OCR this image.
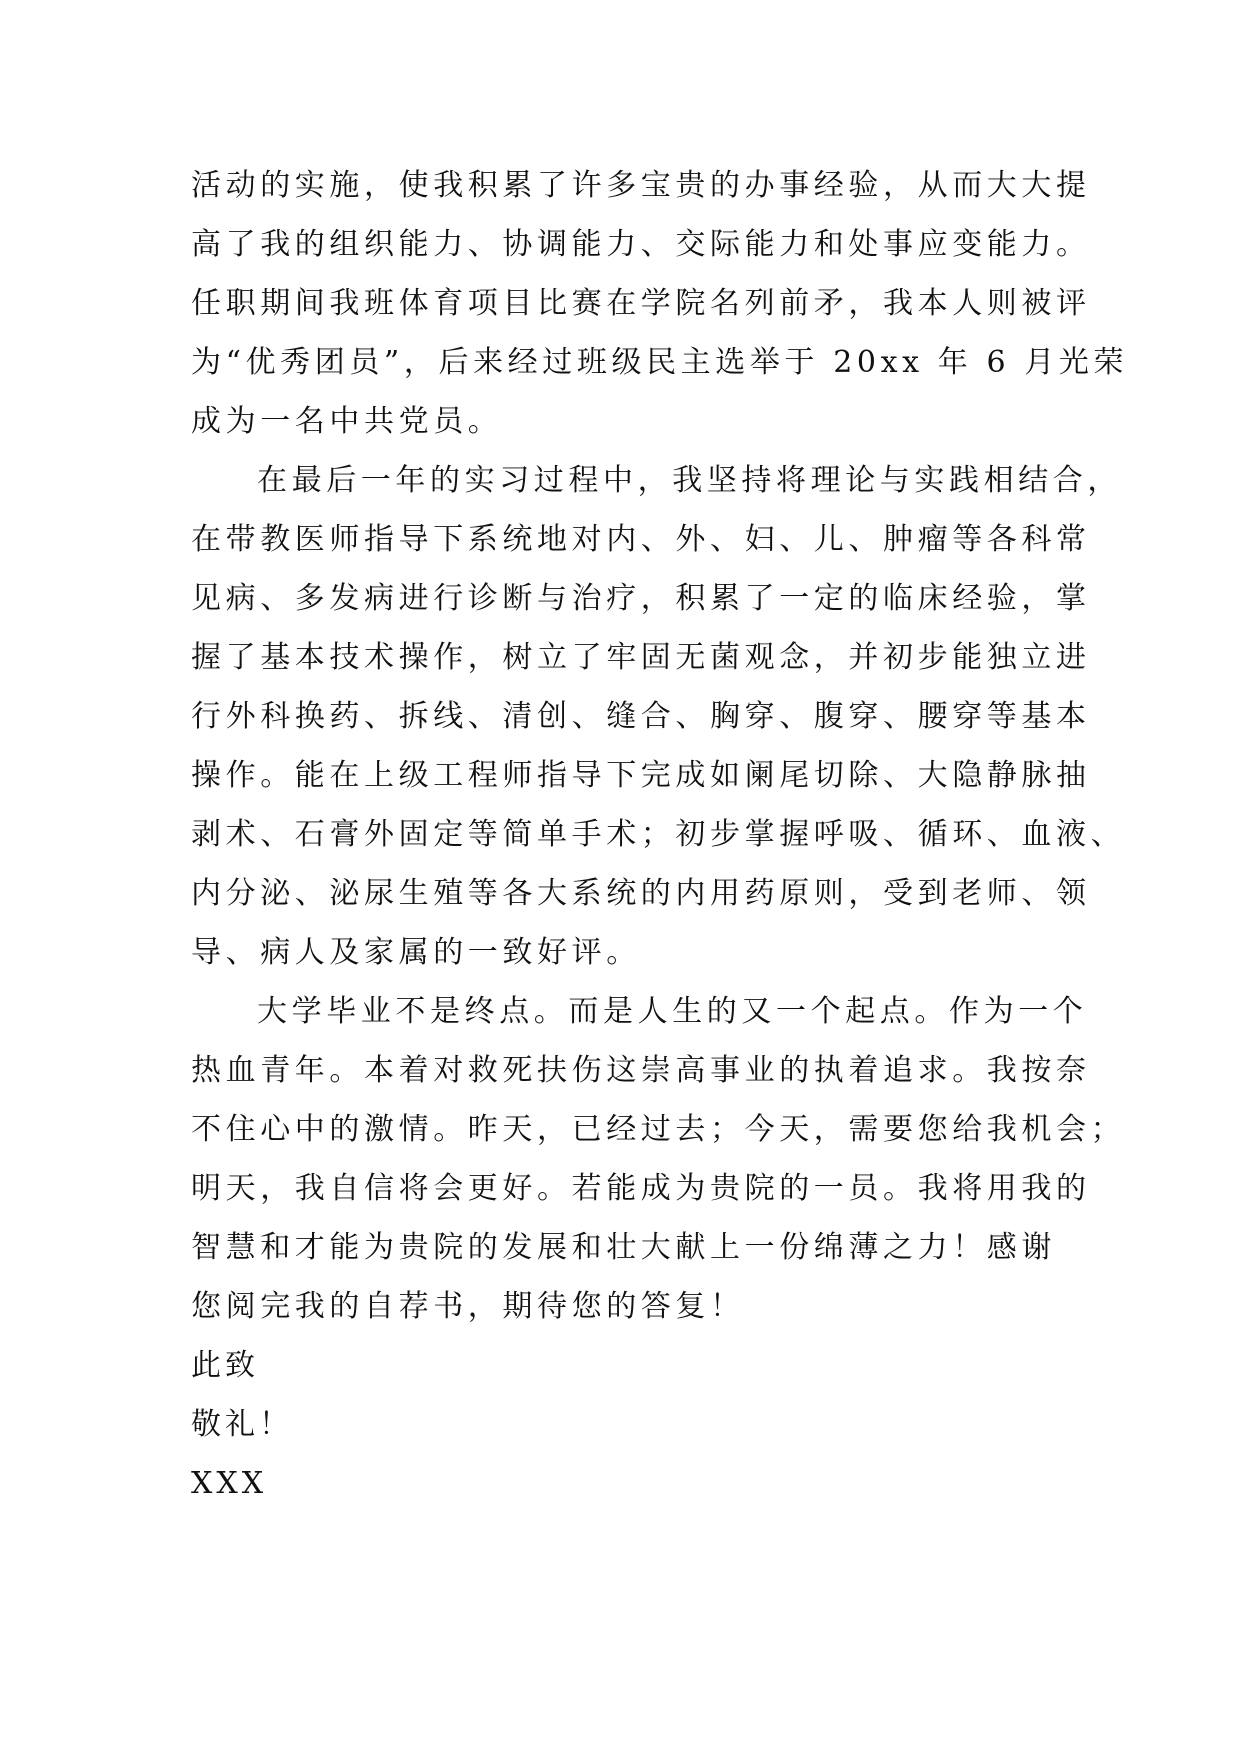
活动的实施，使我积累了许多宝贵的办事经验，从而大大提
高了我的组织能力、协调能力、交际能力和处事应变能力。
任职期间我班体育项目比赛在学院名列前矛，我本人则被评
为“优秀团员”，后来经过班级民主选举于 20xx 年 6 月光荣
成为一名中共党员。
在最后一年的实习过程中，我坚持将理论与实践相结合，
在带教医师指导下系统地对内、外、妇、儿、肿瘤等各科常
见病、多发病进行诊断与治疗，积累了一定的临床经验，掌
握了基本技术操作，树立了牢固无菌观念，并初步能独立进
行外科换药、拆线、清创、缝合、胸穿、腹穿、腰穿等基本
操作。能在上级工程师指导下完成如阑尾切除、大隐静脉抽
剥术、石膏外固定等简单手术；初步掌握呼吸、循环、血液、
内分泌、泌尿生殖等各大系统的内用药原则，受到老师、领
导、病人及家属的一致好评。
大学毕业不是终点。而是人生的又一个起点。作为一个
热血青年。本着对救死扶伤这崇高事业的执着追求。我按奈
不住心中的激情。昨天，已经过去；今天，需要您给我机会；
明天，我自信将会更好。若能成为贵院的一员。我将用我的
智慧和才能为贵院的发展和壮大献上一份绵薄之力！感谢
您阅完我的自荐书，期待您的答复！
此致
敬礼！
XXX
